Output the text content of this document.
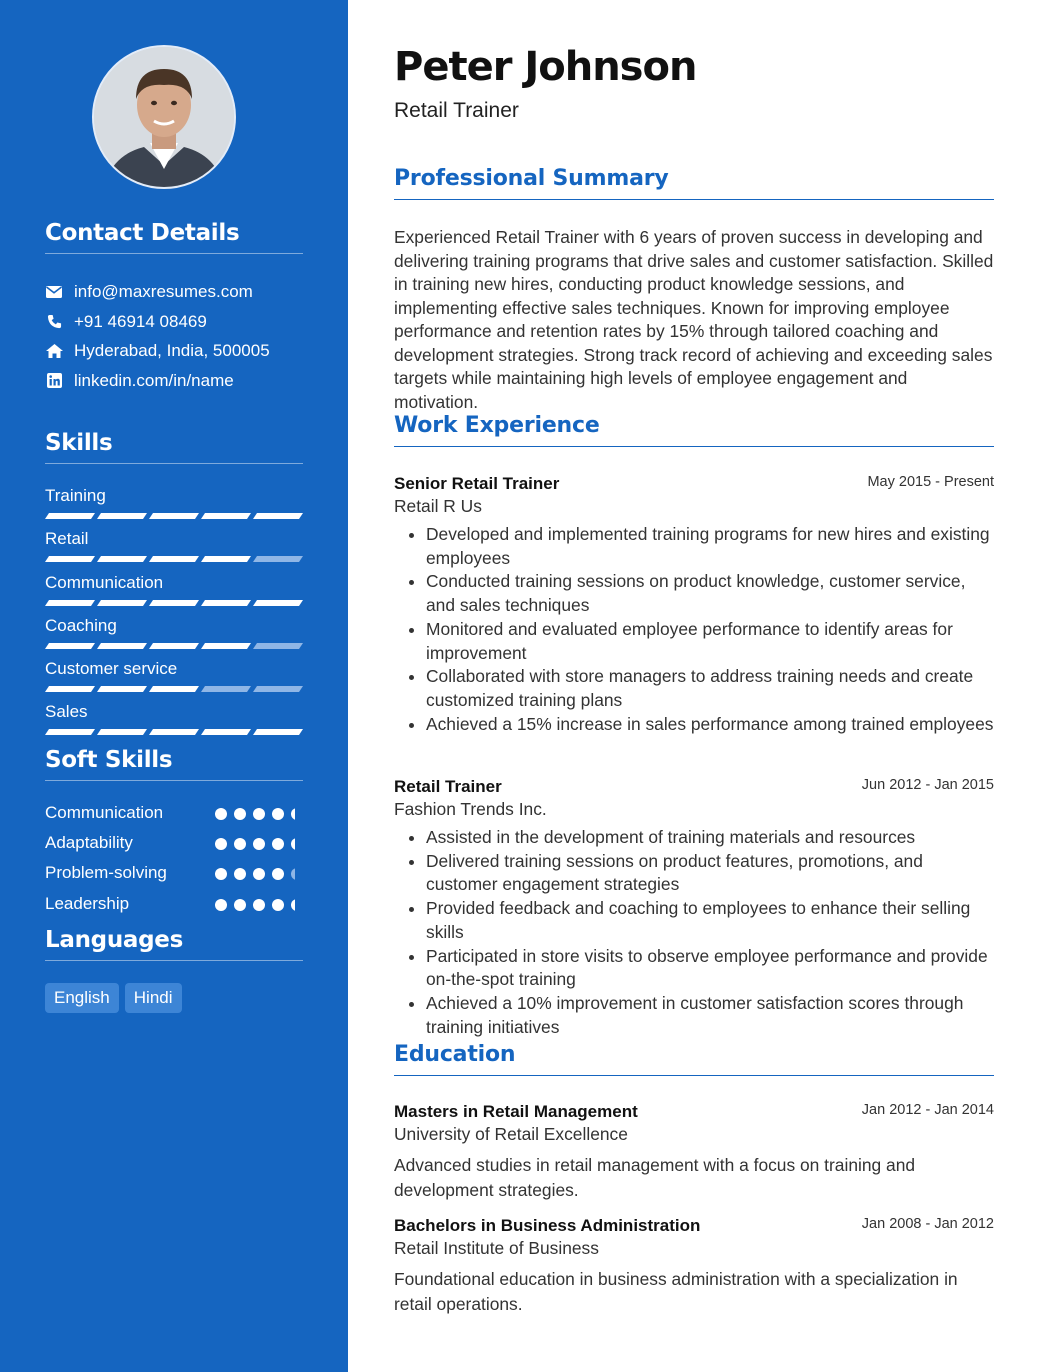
Contact Details
info@maxresumes.com
+91 46914 08469
Hyderabad, India, 500005
linkedin.com/in/name
Skills
Training
Retail
Communication
Coaching
Customer service
Sales
Soft Skills
Communication
Adaptability
Problem-solving
Leadership
Languages
English	Hindi
Peter Johnson
Retail Trainer
Professional Summary

Experienced Retail Trainer with 6 years of proven success in developing and delivering training programs that drive sales and customer satisfaction. Skilled in training new hires, conducting product knowledge sessions, and implementing effective sales techniques. Known for improving employee performance and retention rates by 15% through tailored coaching and development strategies. Strong track record of achieving and exceeding sales targets while maintaining high levels of employee engagement and motivation.

Work Experience
Senior Retail Trainer	May 2015 - Present
Retail R Us
• Developed and implemented training programs for new hires and existing employees
• Conducted training sessions on product knowledge, customer service, and sales techniques
• Monitored and evaluated employee performance to identify areas for improvement
• Collaborated with store managers to address training needs and create customized training plans
• Achieved a 15% increase in sales performance among trained employees
Retail Trainer	Jun 2012 - Jan 2015
Fashion Trends Inc.
• Assisted in the development of training materials and resources
• Delivered training sessions on product features, promotions, and customer engagement strategies
• Provided feedback and coaching to employees to enhance their selling skills
• Participated in store visits to observe employee performance and provide on-the-spot training
• Achieved a 10% improvement in customer satisfaction scores through training initiatives
Education
Masters in Retail Management	Jan 2012 - Jan 2014
University of Retail Excellence

Advanced studies in retail management with a focus on training and development strategies.

Bachelors in Business Administration	Jan 2008 - Jan 2012
Retail Institute of Business

Foundational education in business administration with a specialization in retail operations.
